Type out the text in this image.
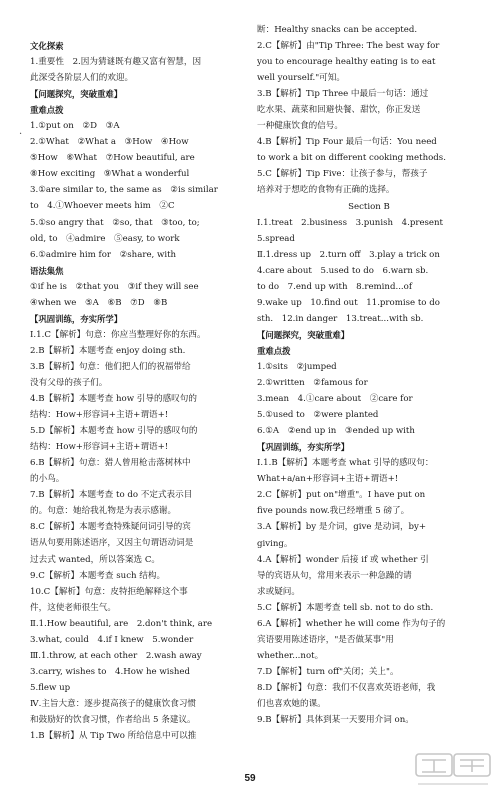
文化探索
1.重要性　2.因为猜谜既有趣又富有智慧，因
此深受各阶层人们的欢迎。
【问题探究，突破重难】
重难点拨
1.①put on　②D　③A
2.①What　②What a　③How　④How
⑤How　⑥What　⑦How beautiful, are
⑧How exciting　⑨What a wonderful
3.①are similar to, the same as　②is similar
to　4.①Whoever meets him　②C
5.①so angry that　②so, that　③too, to;
old, to　④admire　⑤easy, to work
6.①admire him for　②share, with
语法集焦
①if he is　②that you　③if they will see
④when we　⑤A　⑥B　⑦D　⑧B
【巩固训练，夯实所学】
Ⅰ.1.C【解析】句意：你应当整理好你的东西。
2.B【解析】本题考查 enjoy doing sth.
3.B【解析】句意：他们把人们的祝福带给
没有父母的孩子们。
4.B【解析】本题考查 how 引导的感叹句的
结构：How+形容词+主语+谓语+!
5.D【解析】本题考查 how 引导的感叹句的
结构：How+形容词+主语+谓语+!
6.B【解析】句意：猎人曾用枪击落树林中
的小鸟。
7.B【解析】本题考查 to do 不定式表示目
的。句意：她给我礼物是为表示感谢。
8.C【解析】本题考查特殊疑问词引导的宾
语从句要用陈述语序，又因主句谓语动词是
过去式 wanted，所以答案选 C。
9.C【解析】本题考查 such 结构。
10.C【解析】句意：皮特拒绝解释这个事
件，这使老师很生气。
Ⅱ.1.How beautiful, are　2.don't think, are
3.what, could　4.if I knew　5.wonder
Ⅲ.1.throw, at each other　2.wash away
3.carry, wishes to　4.How he wished
5.flew up
Ⅳ.主旨大意：逐步提高孩子的健康饮食习惯
和鼓励好的饮食习惯，作者给出 5 条建议。
1.B【解析】从 Tip Two 所给信息中可以推
断：Healthy snacks can be accepted.
2.C【解析】由"Tip Three: The best way for
you to encourage healthy eating is to eat
well yourself."可知。
3.B【解析】Tip Three 中最后一句话：通过
吃水果、蔬菜和回避快餐、甜饮，你正发送
一种健康饮食的信号。
4.B【解析】Tip Four 最后一句话：You need
to work a bit on different cooking methods.
5.C【解析】Tip Five：让孩子参与，帮孩子
培养对于想吃的食物有正确的选择。
Section B
Ⅰ.1.treat　2.business　3.punish　4.present
5.spread
Ⅱ.1.dress up　2.turn off　3.play a trick on
4.care about　5.used to do　6.warn sb.
to do　7.end up with　8.remind...of
9.wake up　10.find out　11.promise to do
sth.　12.in danger　13.treat...with sb.
【问题探究，突破重难】
重难点拨
1.①sits　②jumped
2.①written　②famous for
3.mean　4.①care about　②care for
5.①used to　②were planted
6.①A　②end up in　③ended up with
【巩固训练，夯实所学】
Ⅰ.1.B【解析】本题考查 what 引导的感叹句：
What+a/an+形容词+主语+谓语+!
2.C【解析】put on"增重"。I have put on
five pounds now.我已经增重 5 磅了。
3.A【解析】by 是介词，give 是动词，by+
giving。
4.A【解析】wonder 后接 if 或 whether 引
导的宾语从句，常用来表示一种急躁的请
求或疑问。
5.C【解析】本题考查 tell sb. not to do sth.
6.A【解析】whether he will come 作为句子的
宾语要用陈述语序，"是否做某事"用
whether...not。
7.D【解析】turn off"关闭；关上"。
8.D【解析】句意：我们不仅喜欢英语老师，我
们也喜欢她的课。
9.B【解析】具体到某一天要用介词 on。
·
59
